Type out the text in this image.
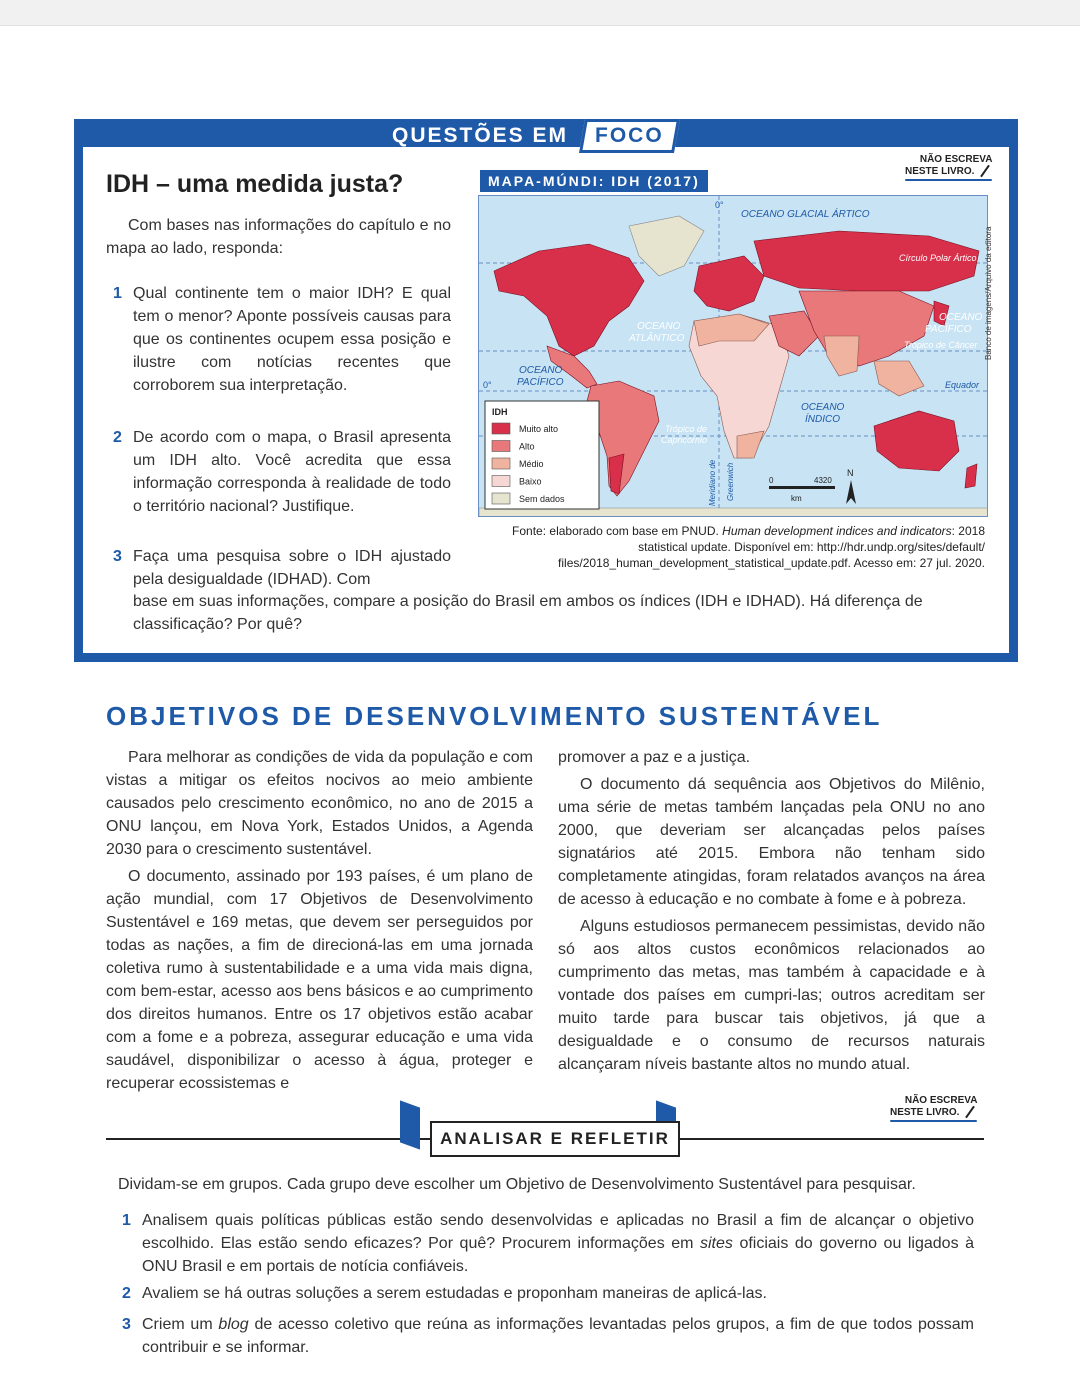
QUESTÕES EM	FOCO
NÃO ESCREVA
NESTE LIVRO.
IDH – uma medida justa?
Com bases nas informações do capítulo e no mapa ao lado, responda:
1 Qual continente tem o maior IDH? E qual tem o menor? Aponte possíveis causas para que os continentes ocupem essa posição e ilustre com notícias recentes que corroborem sua interpretação.
2 De acordo com o mapa, o Brasil apresenta um IDH alto. Você acredita que essa informação corresponda à realidade de todo o território nacional? Justifique.
3 Faça uma pesquisa sobre o IDH ajustado pela desigualdade (IDHAD). Com
base em suas informações, compare a posição do Brasil em ambos os índices (IDH e IDHAD). Há diferença de classificação? Por quê?
MAPA-MÚNDI: IDH (2017)
OCEANO GLACIAL ÁRTICO
Círculo Polar Ártico
OCEANO
ATLÂNTICO
OCEANO
PACÍFICO
Trópico de Câncer
OCEANO
PACÍFICO	Equador
OCEANO
ÍNDICO
Trópico de
Capricórnio
0°
0°
Meridiano de Greenwich
IDH
Muito alto
Alto
Médio
Baixo
Sem dados
0	4320
km
N
Banco de imagens/Arquivo da editora
Fonte: elaborado com base em PNUD. Human development indices and indicators: 2018 statistical update. Disponível em: http://hdr.undp.org/sites/default/ files/2018_human_development_statistical_update.pdf. Acesso em: 27 jul. 2020.
OBJETIVOS DE DESENVOLVIMENTO SUSTENTÁVEL

Para melhorar as condições de vida da população e com vistas a mitigar os efeitos nocivos ao meio ambiente causados pelo crescimento econômico, no ano de 2015 a ONU lançou, em Nova York, Estados Unidos, a Agenda 2030 para o crescimento sustentável.

O documento, assinado por 193 países, é um plano de ação mundial, com 17 Objetivos de Desenvolvimento Sustentável e 169 metas, que devem ser perseguidos por todas as nações, a fim de direcioná-las em uma jornada coletiva rumo à sustentabilidade e a uma vida mais digna, com bem-estar, acesso aos bens básicos e ao cumprimento dos direitos humanos. Entre os 17 objetivos estão acabar com a fome e a pobreza, assegurar educação e uma vida saudável, disponibilizar o acesso à água, proteger e recuperar ecossistemas e

promover a paz e a justiça.

O documento dá sequência aos Objetivos do Milênio, uma série de metas também lançadas pela ONU no ano 2000, que deveriam ser alcançadas pelos países signatários até 2015. Embora não tenham sido completamente atingidas, foram relatados avanços na área de acesso à educação e no combate à fome e à pobreza.

Alguns estudiosos permanecem pessimistas, devido não só aos altos custos econômicos relacionados ao cumprimento das metas, mas também à capacidade e à vontade dos países em cumpri-las; outros acreditam ser muito tarde para buscar tais objetivos, já que a desigualdade e o consumo de recursos naturais alcançaram níveis bastante altos no mundo atual.

NÃO ESCREVA
NESTE LIVRO.
ANALISAR E REFLETIR
Dividam-se em grupos. Cada grupo deve escolher um Objetivo de Desenvolvimento Sustentável para pesquisar.
1 Analisem quais políticas públicas estão sendo desenvolvidas e aplicadas no Brasil a fim de alcançar o objetivo escolhido. Elas estão sendo eficazes? Por quê? Procurem informações em sites oficiais do governo ou ligados à ONU Brasil e em portais de notícia confiáveis.
2 Avaliem se há outras soluções a serem estudadas e proponham maneiras de aplicá-las.
3 Criem um blog de acesso coletivo que reúna as informações levantadas pelos grupos, a fim de que todos possam contribuir e se informar.
